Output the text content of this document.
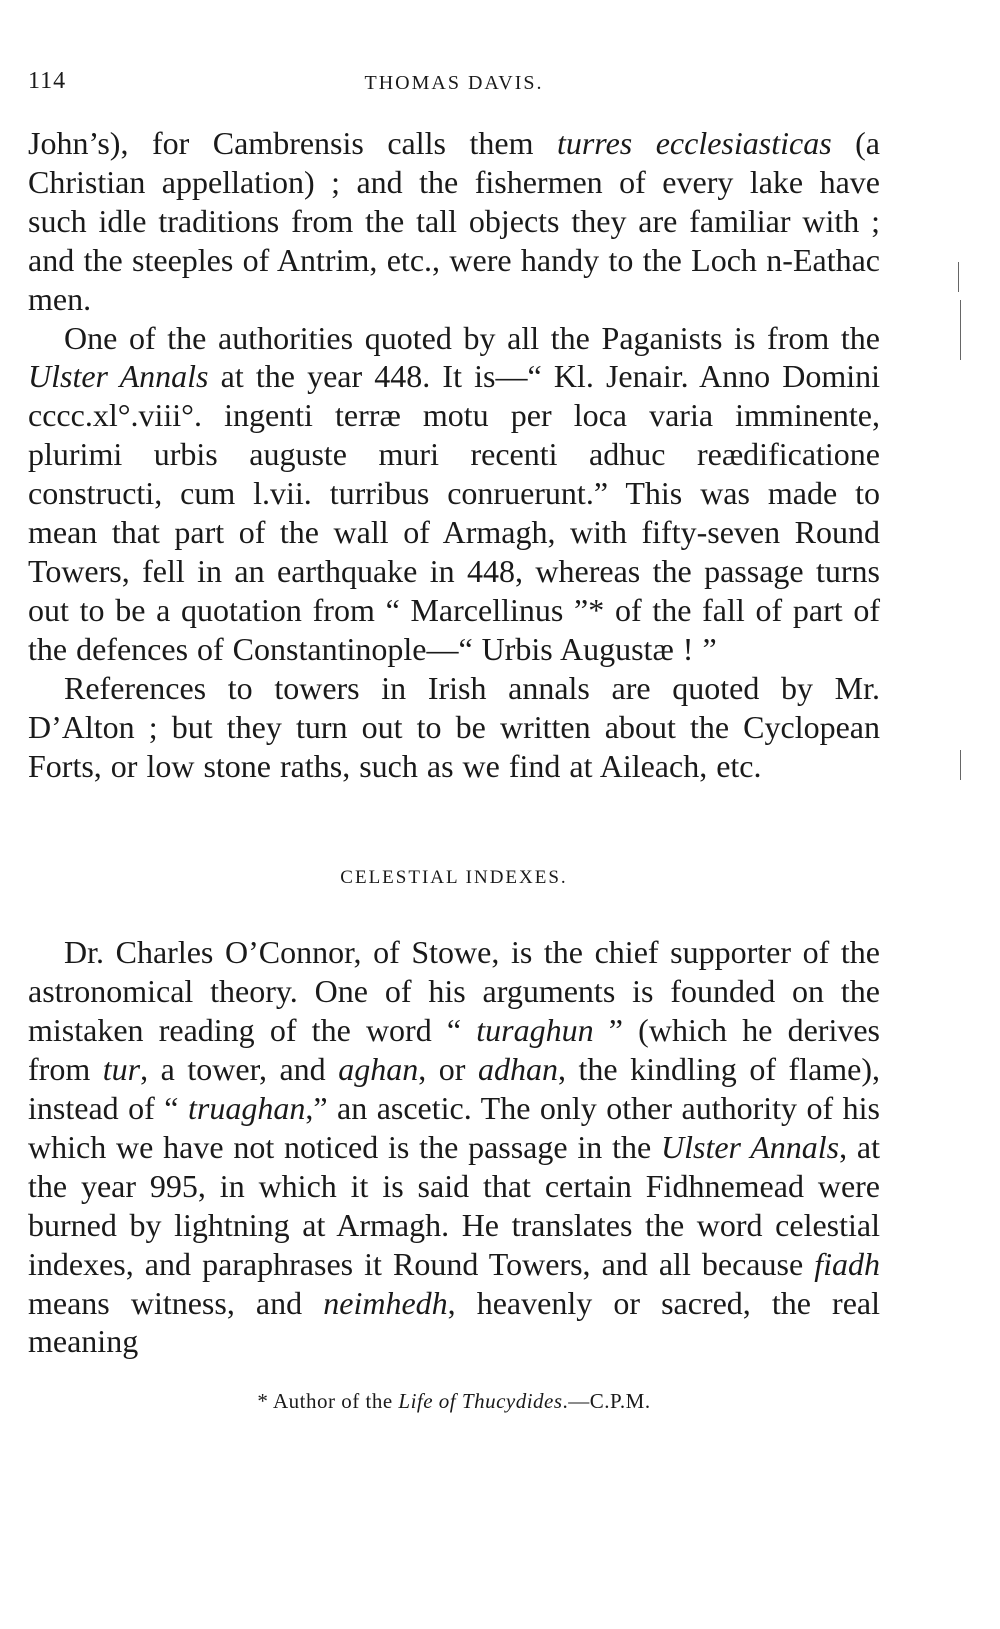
114	THOMAS DAVIS.

John’s), for Cambrensis calls them turres ecclesiasticas (a Christian appellation) ; and the fishermen of every lake have such idle traditions from the tall objects they are familiar with ; and the steeples of Antrim, etc., were handy to the Loch n-Eathac men.

One of the authorities quoted by all the Paganists is from the Ulster Annals at the year 448. It is—“ Kl. Jenair. Anno Domini cccc.xl°.viii°. ingenti terræ motu per loca varia imminente, plurimi urbis auguste muri recenti adhuc reædificatione constructi, cum l.vii. turribus conruerunt.” This was made to mean that part of the wall of Armagh, with fifty-seven Round Towers, fell in an earthquake in 448, whereas the passage turns out to be a quotation from “ Marcellinus ”* of the fall of part of the defences of Constantinople—“ Urbis Augustæ ! ”

References to towers in Irish annals are quoted by Mr. D’Alton ; but they turn out to be written about the Cyclopean Forts, or low stone raths, such as we find at Aileach, etc.

CELESTIAL INDEXES.

Dr. Charles O’Connor, of Stowe, is the chief supporter of the astronomical theory. One of his arguments is founded on the mistaken reading of the word “ turaghun ” (which he derives from tur, a tower, and aghan, or adhan, the kindling of flame), instead of “ truaghan,” an ascetic. The only other authority of his which we have not noticed is the passage in the Ulster Annals, at the year 995, in which it is said that certain Fidhnemead were burned by lightning at Armagh. He translates the word celestial indexes, and paraphrases it Round Towers, and all because fiadh means witness, and neimhedh, heavenly or sacred, the real meaning

* Author of the Life of Thucydides.—C.P.M.
